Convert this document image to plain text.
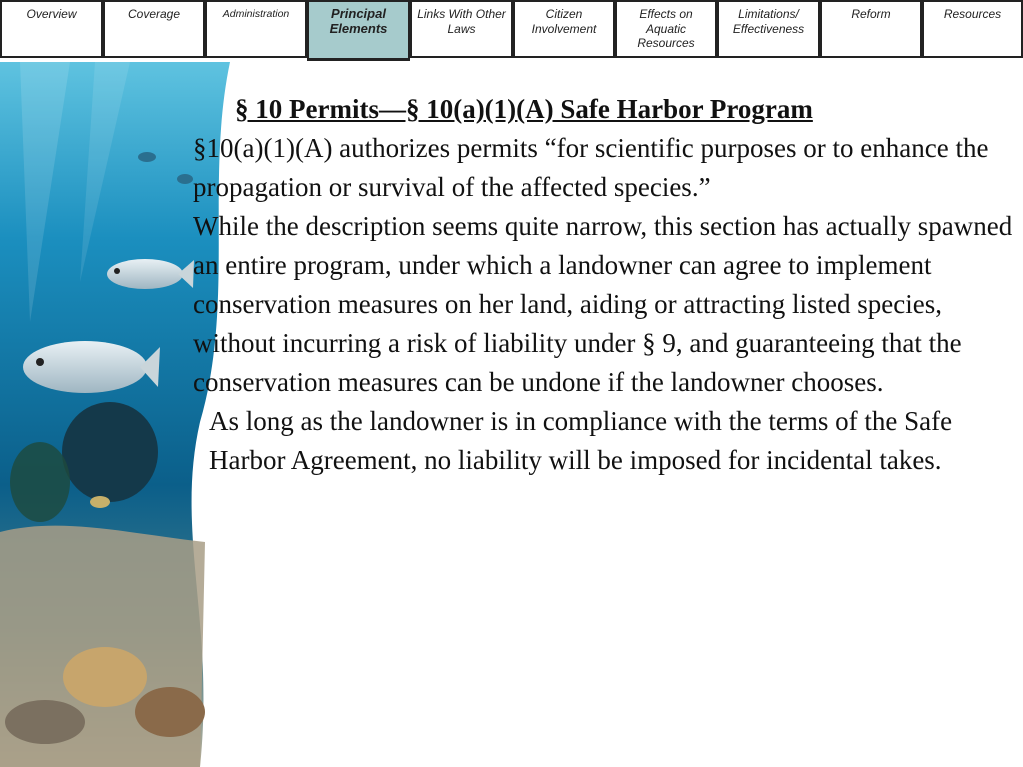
Overview	Coverage	Administration	Principal Elements
Links With Other Laws
Citizen Involvement
Effects on Aquatic Resources
Limitations/ Effectiveness
Reform	Resources
§ 10 Permits—§ 10(a)(1)(A) Safe Harbor Program

§10(a)(1)(A) authorizes permits “for scientific purposes or to enhance the propagation or survival of the affected species.”

While the description seems quite narrow, this section has actually spawned an entire program, under which a landowner can agree to implement conservation measures on her land, aiding or attracting listed species, without incurring a risk of liability under § 9, and guaranteeing that the conservation measures can be undone if the landowner chooses.

As long as the landowner is in compliance with the terms of the Safe Harbor Agreement, no liability will be imposed for incidental takes.
